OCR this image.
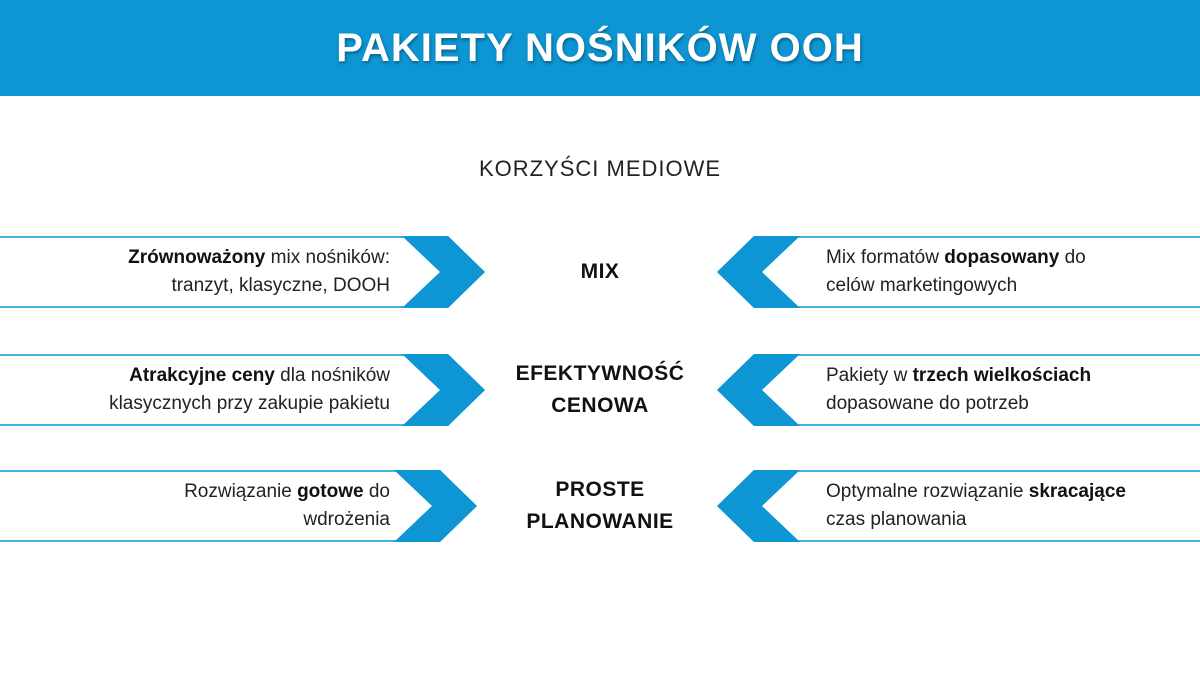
PAKIETY NOŚNIKÓW OOH
KORZYŚCI MEDIOWE
Zrównoważony mix nośników:
tranzyt, klasyczne, DOOH
MIX
Mix formatów dopasowany do
celów marketingowych
Atrakcyjne ceny dla nośników
klasycznych przy zakupie pakietu
EFEKTYWNOŚĆ
CENOWA
Pakiety w trzech wielkościach
dopasowane do potrzeb
Rozwiązanie gotowe do
wdrożenia
PROSTE
PLANOWANIE
Optymalne rozwiązanie skracające
czas planowania
